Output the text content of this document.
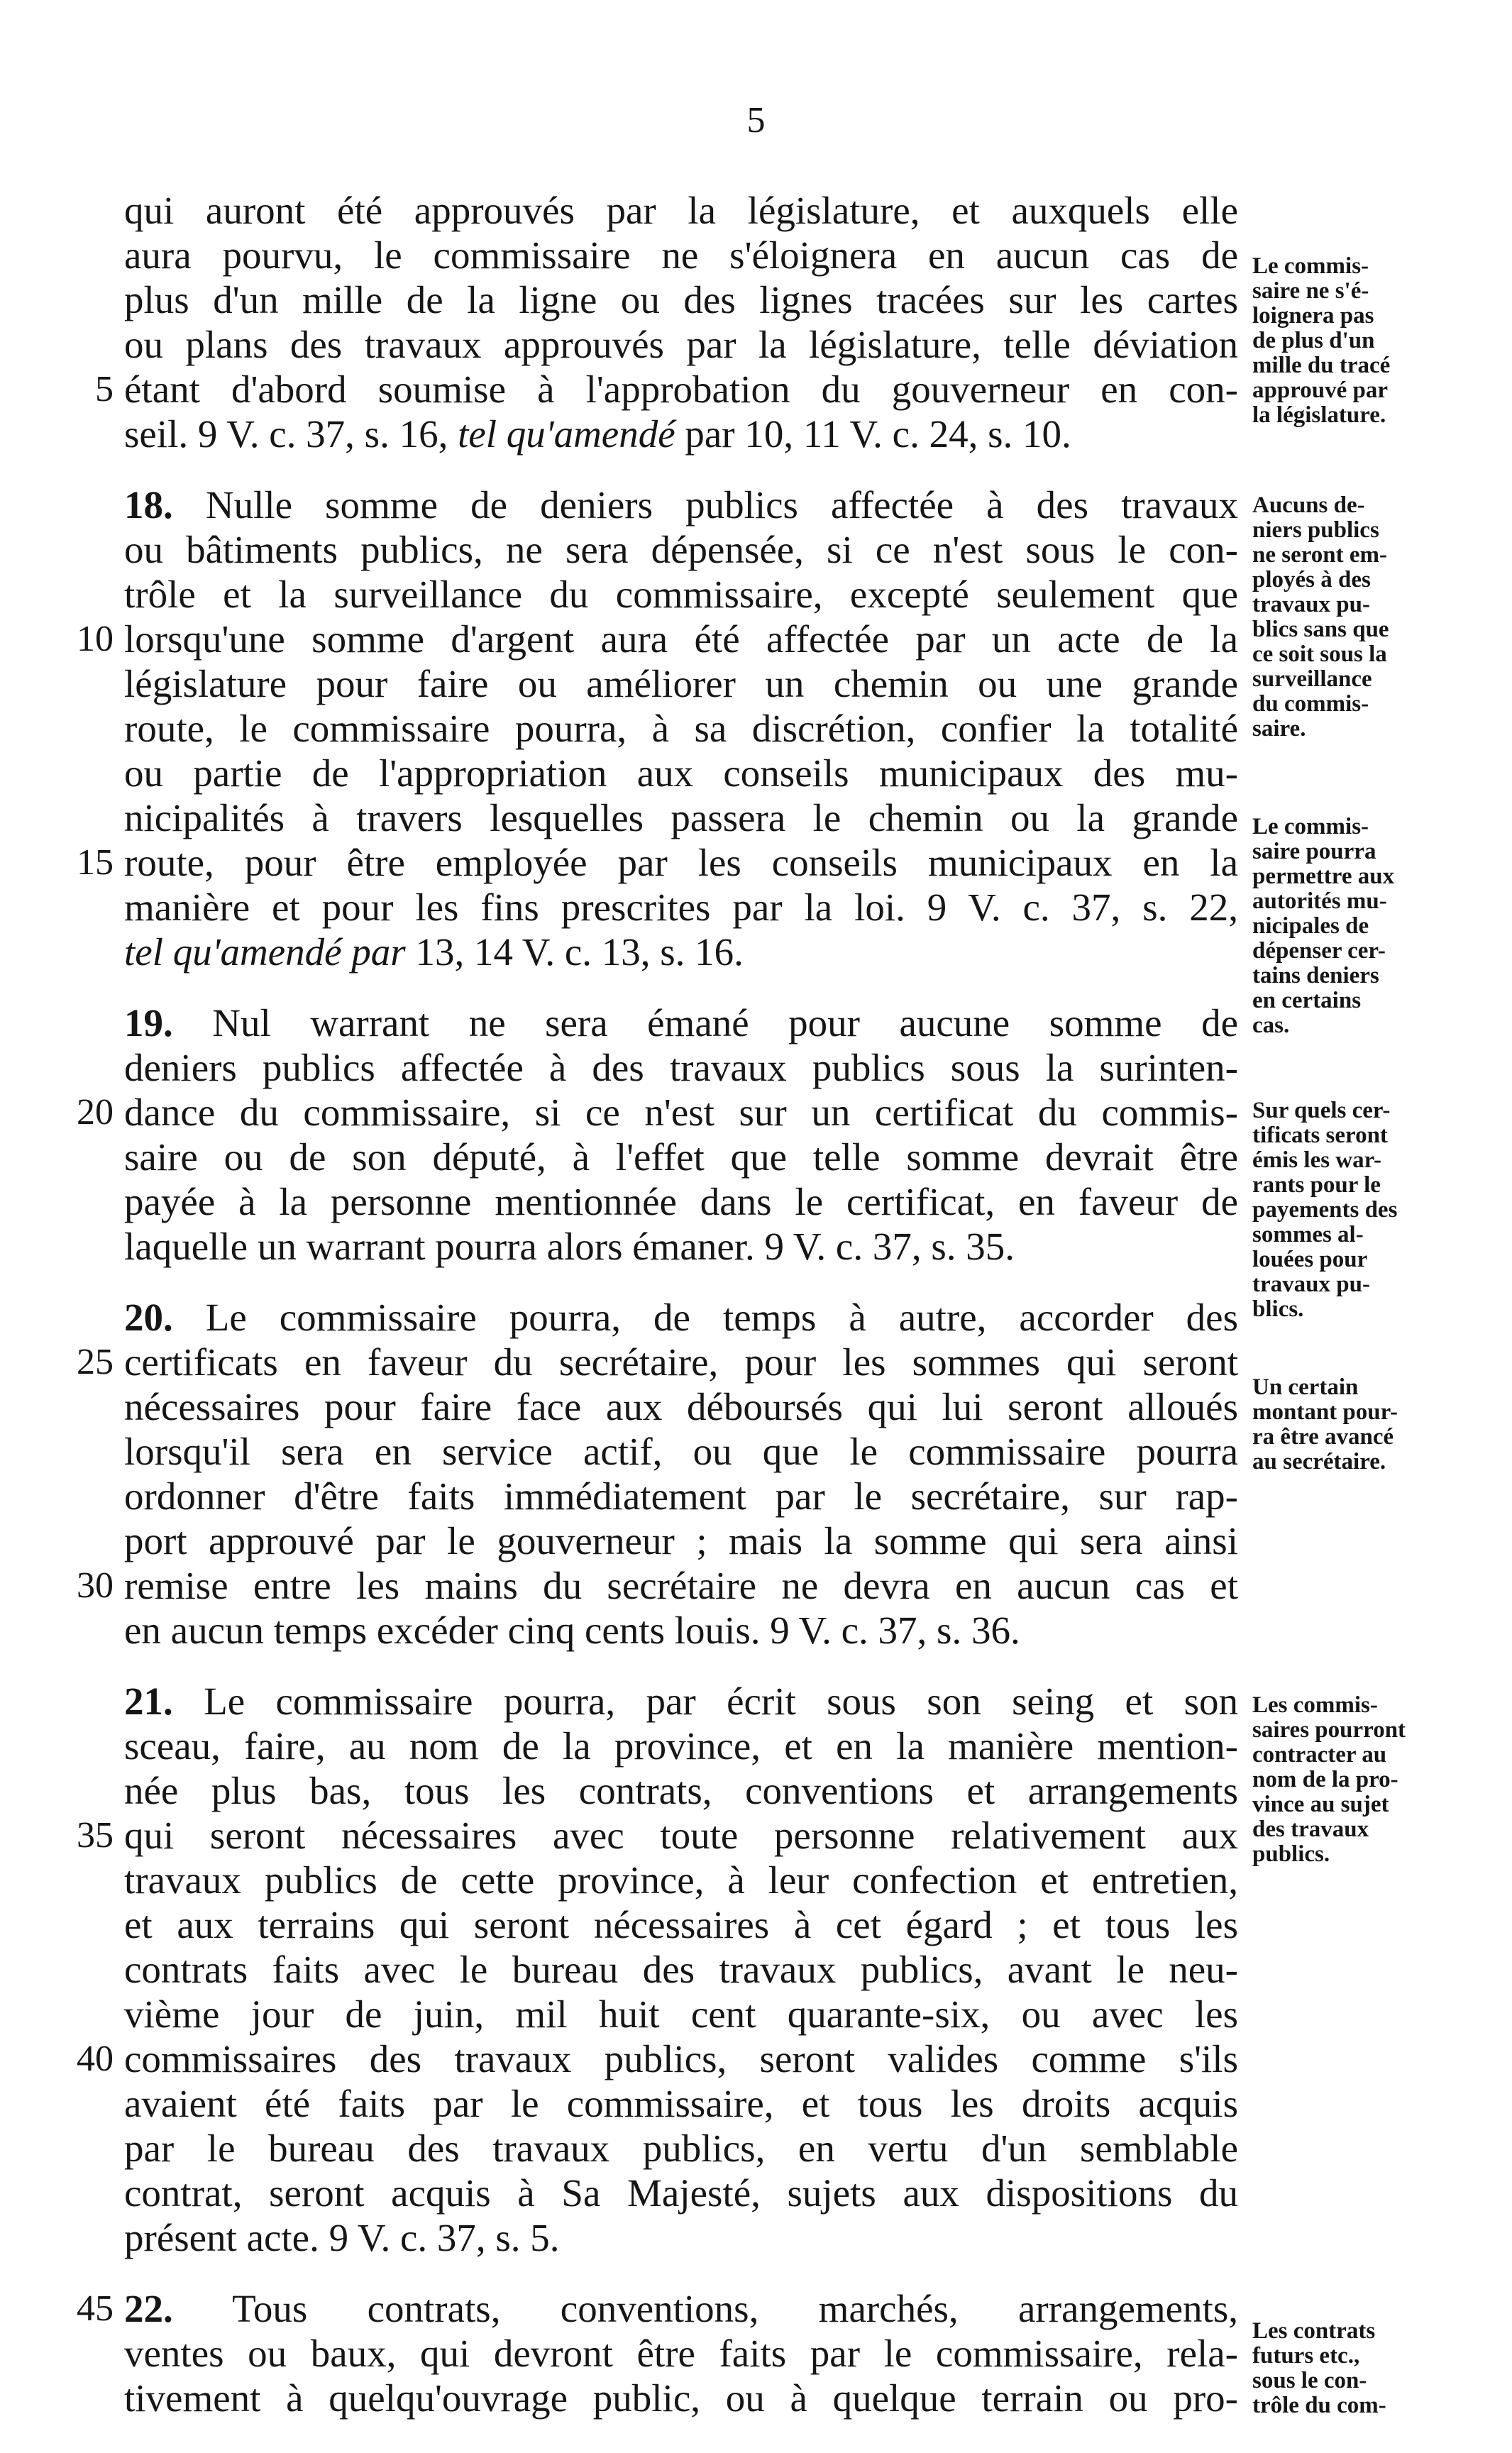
5
qui auront été approuvés par la législature, et auxquels elle
aura pourvu, le commissaire ne s'éloignera en aucun cas de
plus d'un mille de la ligne ou des lignes tracées sur les cartes
ou plans des travaux approuvés par la législature, telle déviation
étant d'abord soumise à l'approbation du gouverneur en con-
seil. 9 V. c. 37, s. 16, tel qu'amendé par 10, 11 V. c. 24, s. 10.
18. Nulle somme de deniers publics affectée à des travaux
ou bâtiments publics, ne sera dépensée, si ce n'est sous le con-
trôle et la surveillance du commissaire, excepté seulement que
lorsqu'une somme d'argent aura été affectée par un acte de la
législature pour faire ou améliorer un chemin ou une grande
route, le commissaire pourra, à sa discrétion, confier la totalité
ou partie de l'appropriation aux conseils municipaux des mu-
nicipalités à travers lesquelles passera le chemin ou la grande
route, pour être employée par les conseils municipaux en la
manière et pour les fins prescrites par la loi. 9 V. c. 37, s. 22,
tel qu'amendé par 13, 14 V. c. 13, s. 16.
19. Nul warrant ne sera émané pour aucune somme de
deniers publics affectée à des travaux publics sous la surinten-
dance du commissaire, si ce n'est sur un certificat du commis-
saire ou de son député, à l'effet que telle somme devrait être
payée à la personne mentionnée dans le certificat, en faveur de
laquelle un warrant pourra alors émaner. 9 V. c. 37, s. 35.
20. Le commissaire pourra, de temps à autre, accorder des
certificats en faveur du secrétaire, pour les sommes qui seront
nécessaires pour faire face aux déboursés qui lui seront alloués
lorsqu'il sera en service actif, ou que le commissaire pourra
ordonner d'être faits immédiatement par le secrétaire, sur rap-
port approuvé par le gouverneur ; mais la somme qui sera ainsi
remise entre les mains du secrétaire ne devra en aucun cas et
en aucun temps excéder cinq cents louis. 9 V. c. 37, s. 36.
21. Le commissaire pourra, par écrit sous son seing et son
sceau, faire, au nom de la province, et en la manière mention-
née plus bas, tous les contrats, conventions et arrangements
qui seront nécessaires avec toute personne relativement aux
travaux publics de cette province, à leur confection et entretien,
et aux terrains qui seront nécessaires à cet égard ; et tous les
contrats faits avec le bureau des travaux publics, avant le neu-
vième jour de juin, mil huit cent quarante-six, ou avec les
commissaires des travaux publics, seront valides comme s'ils
avaient été faits par le commissaire, et tous les droits acquis
par le bureau des travaux publics, en vertu d'un semblable
contrat, seront acquis à Sa Majesté, sujets aux dispositions du
présent acte. 9 V. c. 37, s. 5.
22. Tous contrats, conventions, marchés, arrangements,
ventes ou baux, qui devront être faits par le commissaire, rela-
tivement à quelqu'ouvrage public, ou à quelque terrain ou pro-
5
10
15
20
25
30
35
40
45
Le commis-
saire ne s'é-
loignera pas
de plus d'un
mille du tracé
approuvé par
la législature.
Aucuns de-
niers publics
ne seront em-
ployés à des
travaux pu-
blics sans que
ce soit sous la
surveillance
du commis-
saire.
Le commis-
saire pourra
permettre aux
autorités mu-
nicipales de
dépenser cer-
tains deniers
en certains
cas.
Sur quels cer-
tificats seront
émis les war-
rants pour le
payements des
sommes al-
louées pour
travaux pu-
blics.
Un certain
montant pour-
ra être avancé
au secrétaire.
Les commis-
saires pourront
contracter au
nom de la pro-
vince au sujet
des travaux
publics.
Les contrats
futurs etc.,
sous le con-
trôle du com-
